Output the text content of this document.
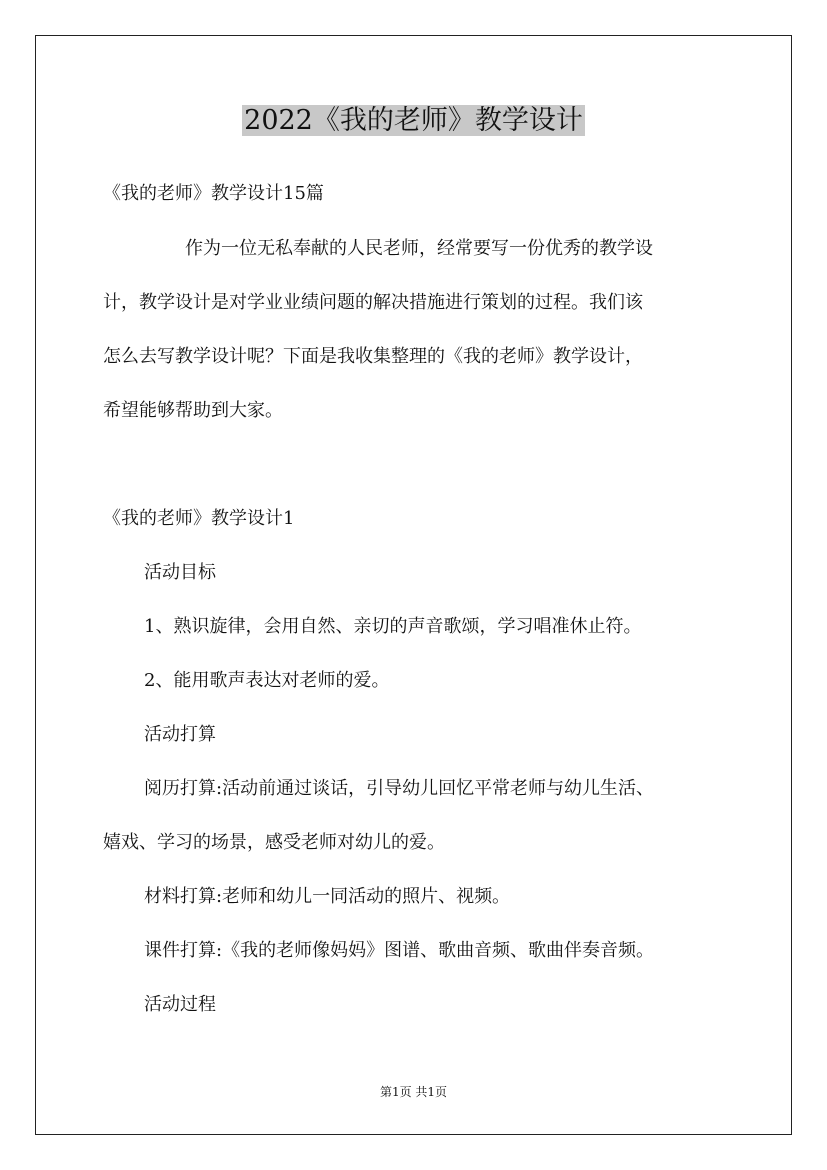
2022《我的老师》教学设计
《我的老师》教学设计15篇
作为一位无私奉献的人民老师，经常要写一份优秀的教学设
计，教学设计是对学业业绩问题的解决措施进行策划的过程。我们该
怎么去写教学设计呢？下面是我收集整理的《我的老师》教学设计，
希望能够帮助到大家。
《我的老师》教学设计1
活动目标
1、熟识旋律，会用自然、亲切的声音歌颂，学习唱准休止符。
2、能用歌声表达对老师的爱。
活动打算
阅历打算:活动前通过谈话，引导幼儿回忆平常老师与幼儿生活、
嬉戏、学习的场景，感受老师对幼儿的爱。
材料打算:老师和幼儿一同活动的照片、视频。
课件打算:《我的老师像妈妈》图谱、歌曲音频、歌曲伴奏音频。
活动过程
第1页 共1页
